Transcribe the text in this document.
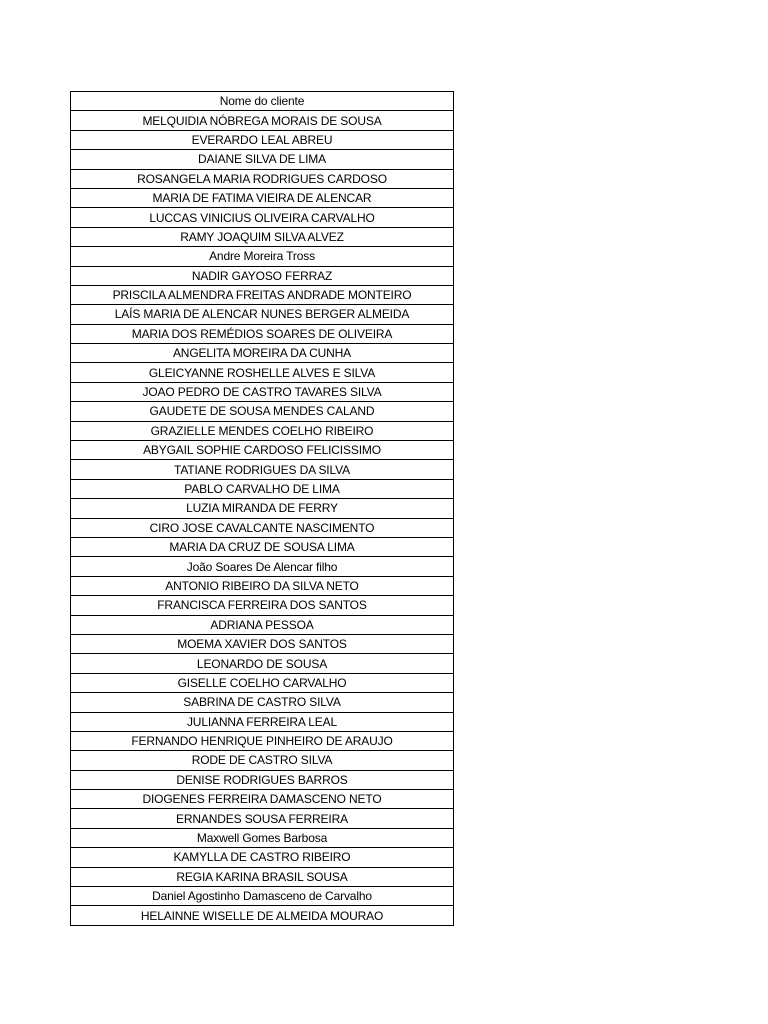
Nome do cliente
MELQUIDIA NÓBREGA MORAIS DE SOUSA
EVERARDO LEAL ABREU
DAIANE SILVA DE LIMA
ROSANGELA MARIA RODRIGUES CARDOSO
MARIA DE FATIMA VIEIRA DE ALENCAR
LUCCAS VINICIUS OLIVEIRA CARVALHO
RAMY JOAQUIM SILVA ALVEZ
Andre Moreira Tross
NADIR GAYOSO FERRAZ
PRISCILA ALMENDRA FREITAS ANDRADE MONTEIRO
LAÍS MARIA DE ALENCAR NUNES BERGER ALMEIDA
MARIA DOS REMÉDIOS SOARES DE OLIVEIRA
ANGELITA MOREIRA DA CUNHA
GLEICYANNE ROSHELLE ALVES E SILVA
JOAO PEDRO DE CASTRO TAVARES SILVA
GAUDETE DE SOUSA MENDES CALAND
GRAZIELLE MENDES COELHO RIBEIRO
ABYGAIL SOPHIE CARDOSO FELICISSIMO
TATIANE RODRIGUES DA SILVA
PABLO CARVALHO DE LIMA
LUZIA MIRANDA DE FERRY
CIRO JOSE CAVALCANTE NASCIMENTO
MARIA DA CRUZ DE SOUSA LIMA
João Soares De Alencar filho
ANTONIO RIBEIRO DA SILVA NETO
FRANCISCA FERREIRA DOS SANTOS
ADRIANA PESSOA
MOEMA XAVIER DOS SANTOS
LEONARDO DE SOUSA
GISELLE COELHO CARVALHO
SABRINA DE CASTRO SILVA
JULIANNA FERREIRA LEAL
FERNANDO HENRIQUE PINHEIRO DE ARAUJO
RODE DE CASTRO SILVA
DENISE RODRIGUES BARROS
DIOGENES FERREIRA DAMASCENO NETO
ERNANDES SOUSA FERREIRA
Maxwell Gomes Barbosa
KAMYLLA DE CASTRO RIBEIRO
REGIA KARINA BRASIL SOUSA
Daniel Agostinho Damasceno de Carvalho
HELAINNE WISELLE DE ALMEIDA MOURAO
